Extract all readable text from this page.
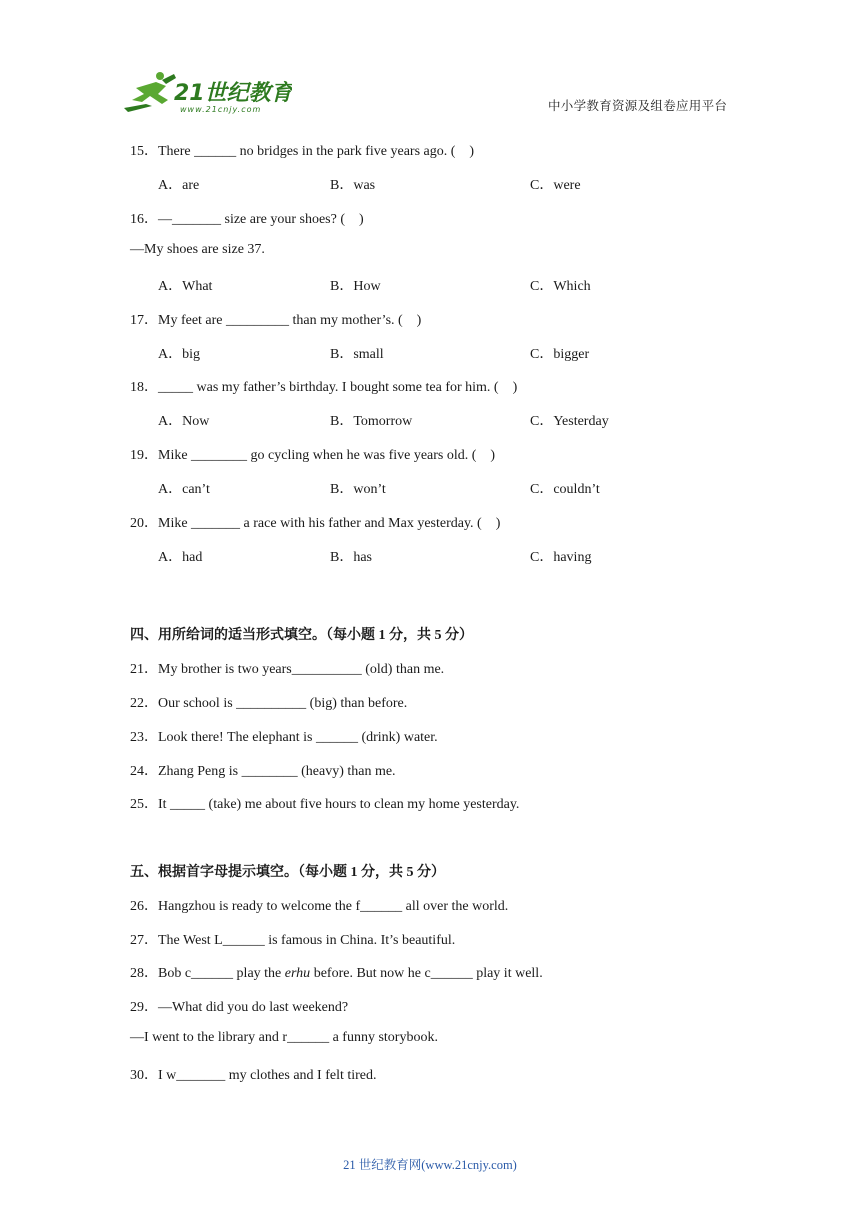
21世纪教育
www.21cnjy.com	中小学教育资源及组卷应用平台
15．There ______ no bridges in the park five years ago. (　)
A．are	B．was	C．were
16．—_______ size are your shoes? (　)
—My shoes are size 37.
A．What	B．How	C．Which
17．My feet are _________ than my mother’s. (　)
A．big	B．small	C．bigger
18．_____ was my father’s birthday. I bought some tea for him. (　)
A．Now	B．Tomorrow	C．Yesterday
19．Mike ________ go cycling when he was five years old. (　)
A．can’t	B．won’t	C．couldn’t
20．Mike _______ a race with his father and Max yesterday. (　)
A．had	B．has	C．having
四、用所给词的适当形式填空。（每小题 1 分，共 5 分）
21．My brother is two years__________ (old) than me.
22．Our school is __________ (big) than before.
23．Look there! The elephant is ______ (drink) water.
24．Zhang Peng is ________ (heavy) than me.
25．It _____ (take) me about five hours to clean my home yesterday.
五、根据首字母提示填空。（每小题 1 分，共 5 分）
26．Hangzhou is ready to welcome the f______ all over the world.
27．The West L______ is famous in China. It’s beautiful.
28．Bob c______ play the erhu before. But now he c______ play it well.
29．—What did you do last weekend?
—I went to the library and r______ a funny storybook.
30．I w_______ my clothes and I felt tired.
21 世纪教育网(www.21cnjy.com)
